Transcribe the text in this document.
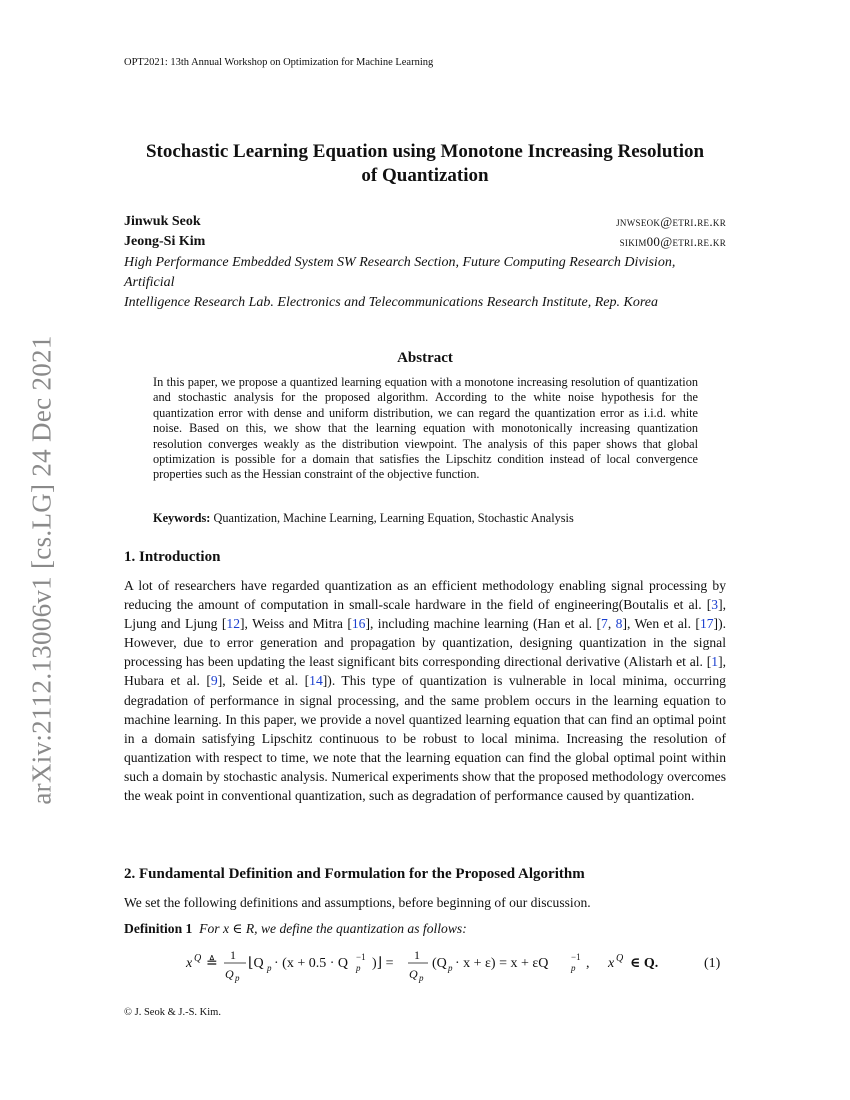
OPT2021: 13th Annual Workshop on Optimization for Machine Learning
arXiv:2112.13006v1 [cs.LG] 24 Dec 2021
Stochastic Learning Equation using Monotone Increasing Resolution
of Quantization
Jinwuk Seok	jnwseok@etri.re.kr
Jeong-Si Kim	sikim00@etri.re.kr
High Performance Embedded System SW Research Section, Future Computing Research Division, Artificial
Intelligence Research Lab. Electronics and Telecommunications Research Institute, Rep. Korea
Abstract
In this paper, we propose a quantized learning equation with a monotone increasing resolution of quantization and stochastic analysis for the proposed algorithm. According to the white noise hypothesis for the quantization error with dense and uniform distribution, we can regard the quantization error as i.i.d. white noise. Based on this, we show that the learning equation with monotonically increasing quantization resolution converges weakly as the distribution viewpoint. The analysis of this paper shows that global optimization is possible for a domain that satisfies the Lipschitz condition instead of local convergence properties such as the Hessian constraint of the objective function.
Keywords: Quantization, Machine Learning, Learning Equation, Stochastic Analysis
1. Introduction
A lot of researchers have regarded quantization as an efficient methodology enabling signal processing by reducing the amount of computation in small-scale hardware in the field of engineering(Boutalis et al. [3], Ljung and Ljung [12], Weiss and Mitra [16], including machine learning (Han et al. [7, 8], Wen et al. [17]). However, due to error generation and propagation by quantization, designing quantization in the signal processing has been updating the least significant bits corresponding directional derivative (Alistarh et al. [1], Hubara et al. [9], Seide et al. [14]). This type of quantization is vulnerable in local minima, occurring degradation of performance in signal processing, and the same problem occurs in the learning equation to machine learning. In this paper, we provide a novel quantized learning equation that can find an optimal point in a domain satisfying Lipschitz continuous to be robust to local minima. Increasing the resolution of quantization with respect to time, we note that the learning equation can find the global optimal point within such a domain by stochastic analysis. Numerical experiments show that the proposed methodology overcomes the weak point in conventional quantization, such as degradation of performance caused by quantization.
2. Fundamental Definition and Formulation for the Proposed Algorithm
We set the following definitions and assumptions, before beginning of our discussion.
Definition 1 For x ∈ R, we define the quantization as follows:
x Q ≜
1
Q p
⌊Q p · (x + 0.5 · Q p
−1 )⌋ =
1
Q p
(Q p · x + ε) = x + εQ	p
−1 , x Q ∈ Q.	(1)
© J. Seok & J.-S. Kim.
